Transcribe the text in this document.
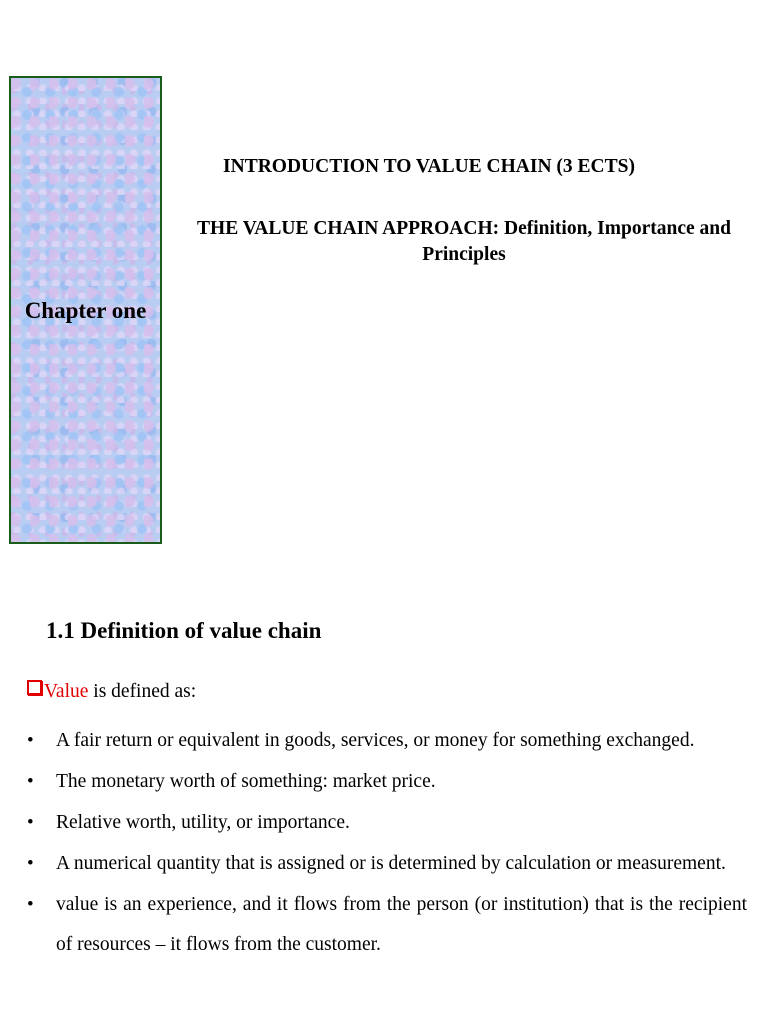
Chapter one
INTRODUCTION TO VALUE CHAIN (3 ECTS)
THE VALUE CHAIN APPROACH: Definition, Importance and Principles
1.1 Definition of value chain
Value is defined as:
• A fair return or equivalent in goods, services, or money for something exchanged.
• The monetary worth of something: market price.
• Relative worth, utility, or importance.
• A numerical quantity that is assigned or is determined by calculation or measurement.
• value is an experience, and it flows from the person (or institution) that is the recipient of resources – it flows from the customer.
